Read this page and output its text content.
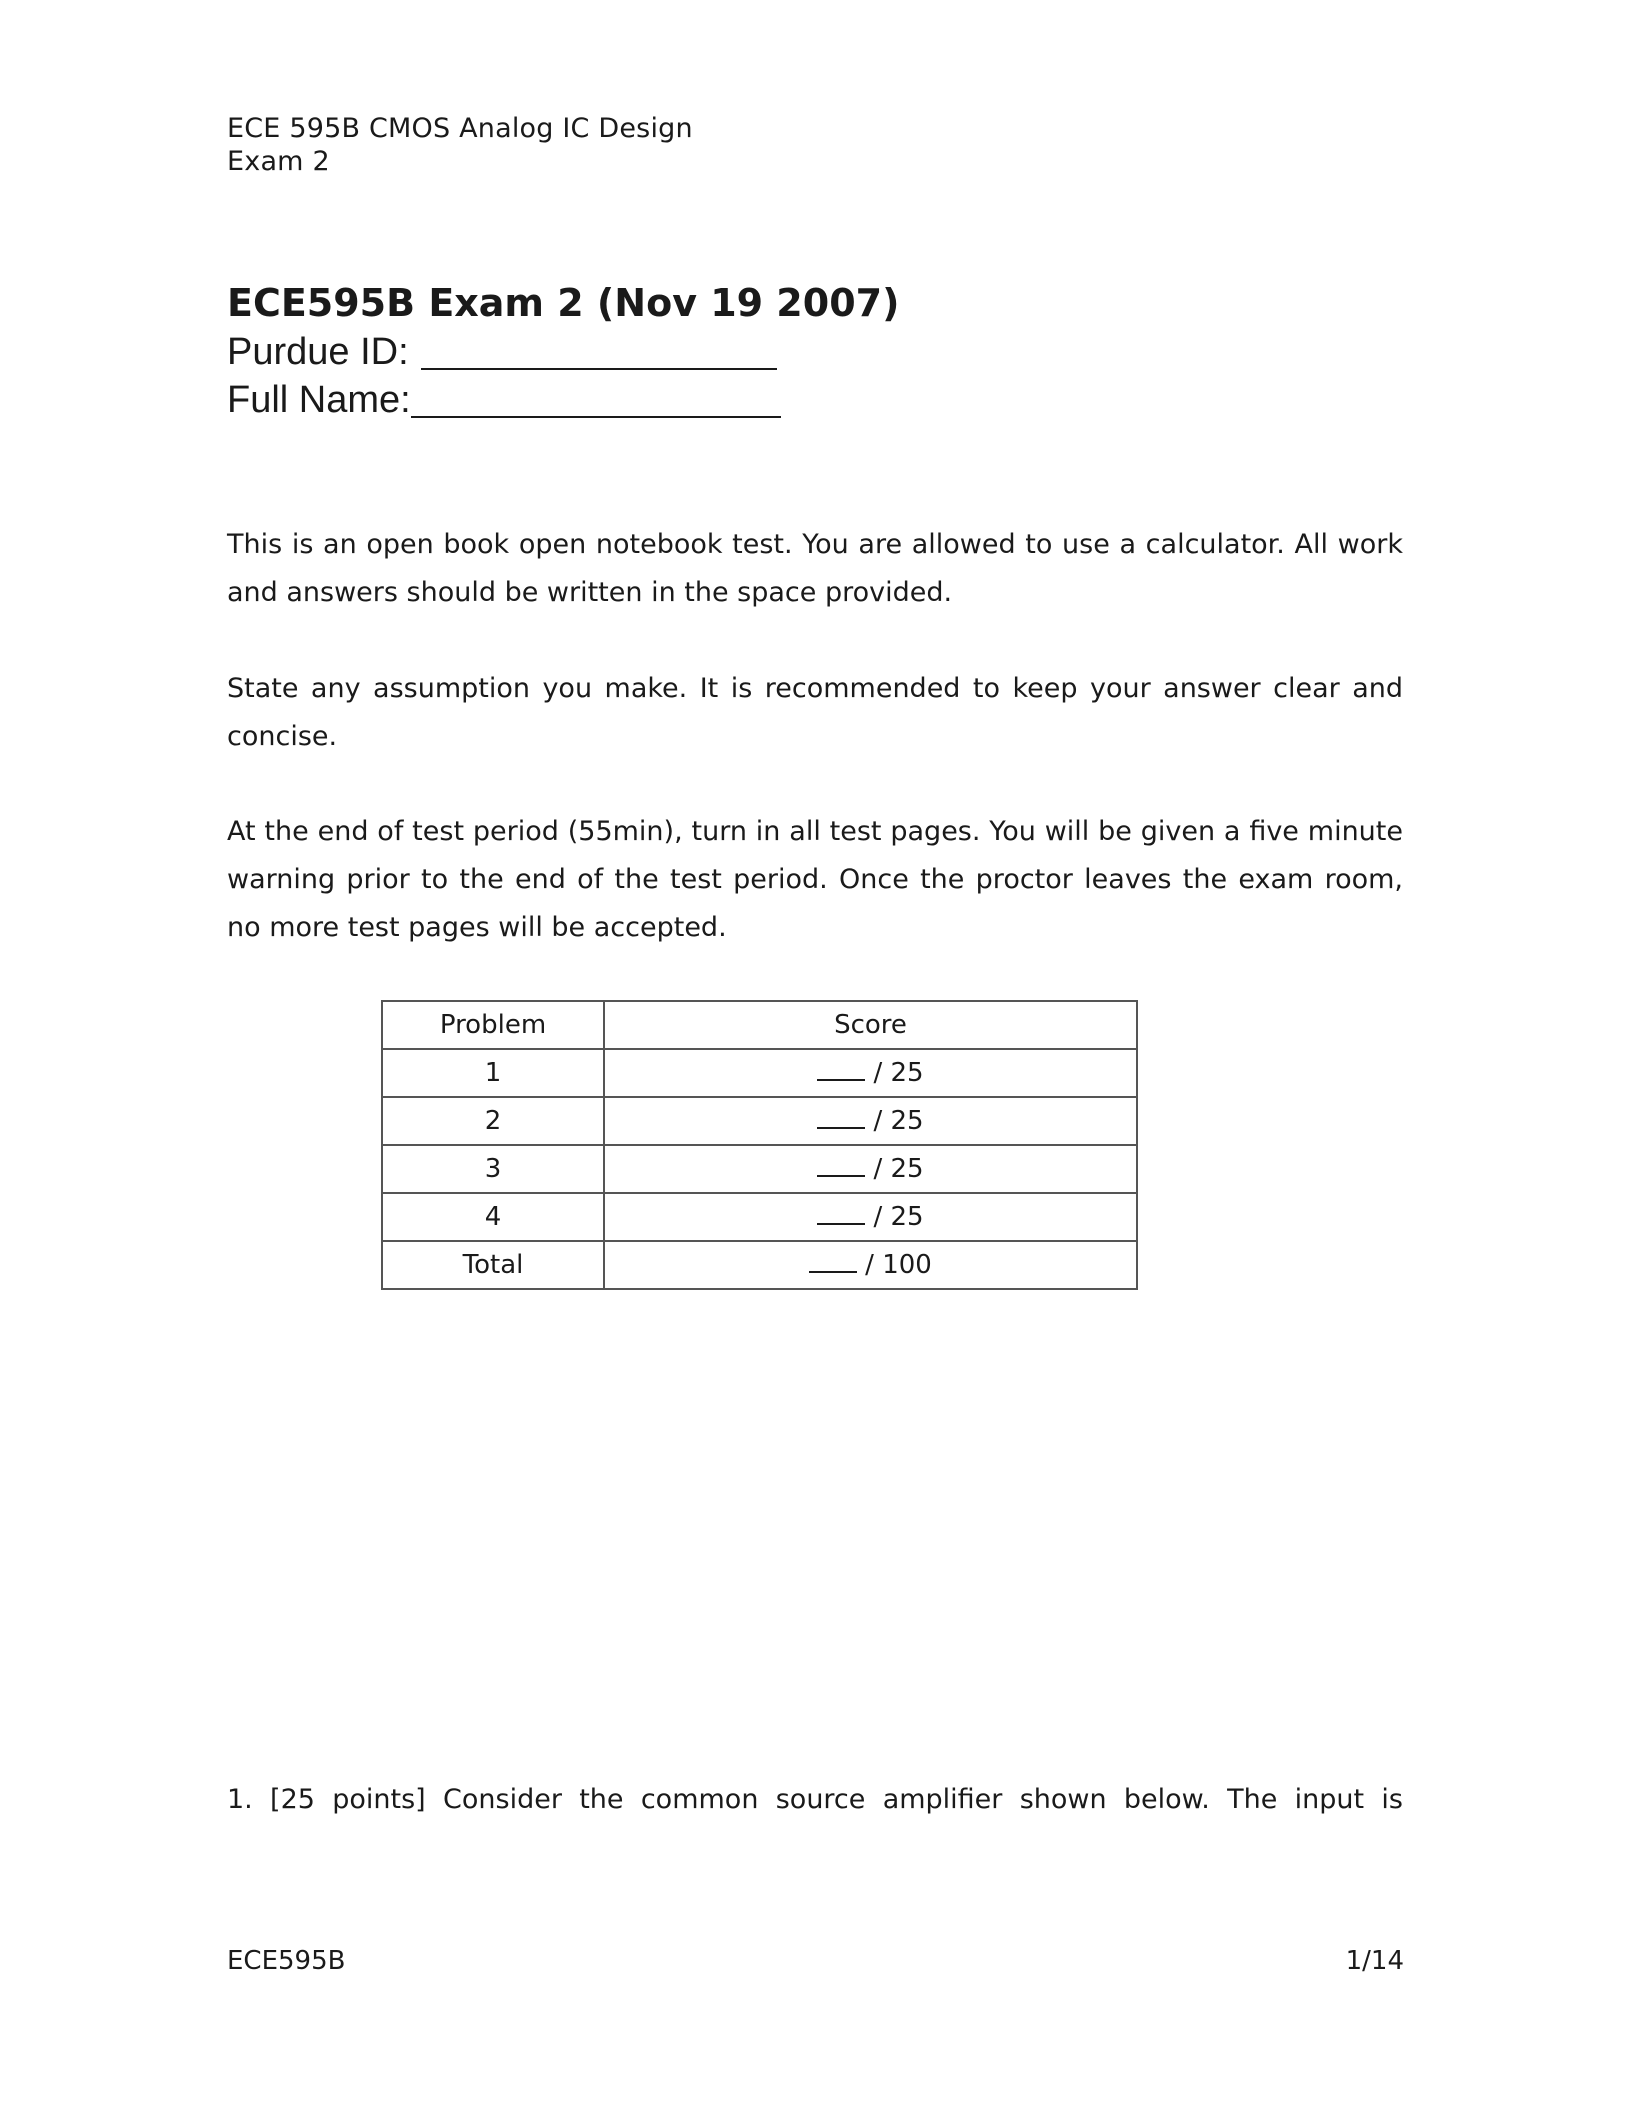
ECE 595B CMOS Analog IC Design
Exam 2
ECE595B Exam 2 (Nov 19 2007)
Purdue ID:
Full Name:

This is an open book open notebook test. You are allowed to use a calculator. All work and answers should be written in the space provided.

State any assumption you make. It is recommended to keep your answer clear and concise.

At the end of test period (55min), turn in all test pages. You will be given a five minute warning prior to the end of the test period. Once the proctor leaves the exam room, no more test pages will be accepted.

Problem	Score
1	/ 25
2	/ 25
3	/ 25
4	/ 25
Total	/ 100

1. [25 points] Consider the common source amplifier shown below. The input is

ECE595B	1/14
